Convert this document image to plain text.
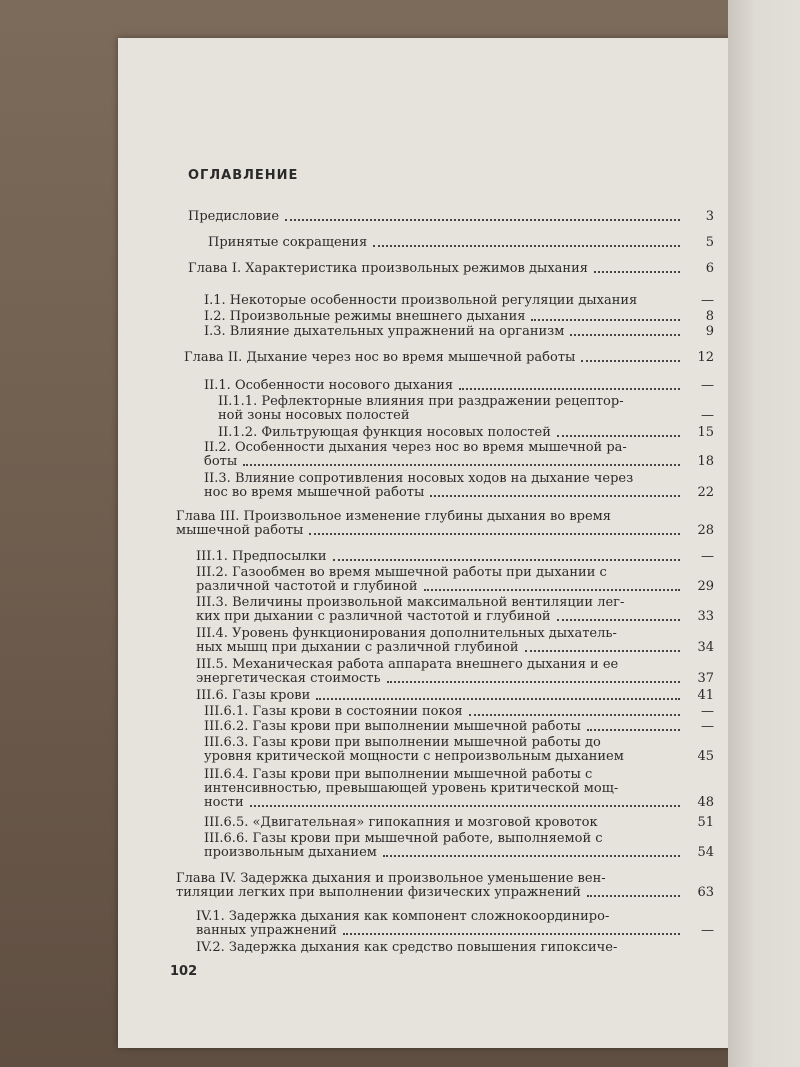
ОГЛАВЛЕНИЕ
Предисловие	3
Принятые сокращения	5
Глава I. Характеристика произвольных режимов дыхания	6
I.1. Некоторые особенности произвольной регуляции дыхания	—
I.2. Произвольные режимы внешнего дыхания	8
I.3. Влияние дыхательных упражнений на организм	9
Глава II. Дыхание через нос во время мышечной работы	12
II.1. Особенности носового дыхания	—
II.1.1. Рефлекторные влияния при раздражении рецептор-
ной зоны носовых полостей	—
II.1.2. Фильтрующая функция носовых полостей	15
II.2. Особенности дыхания через нос во время мышечной ра-
боты	18
II.3. Влияние сопротивления носовых ходов на дыхание через
нос во время мышечной работы	22
Глава III. Произвольное изменение глубины дыхания во время
мышечной работы	28
III.1. Предпосылки	—
III.2. Газообмен во время мышечной работы при дыхании с
различной частотой и глубиной	29
III.3. Величины произвольной максимальной вентиляции лег-
ких при дыхании с различной частотой и глубиной	33
III.4. Уровень функционирования дополнительных дыхатель-
ных мышц при дыхании с различной глубиной	34
III.5. Механическая работа аппарата внешнего дыхания и ее
энергетическая стоимость	37
III.6. Газы крови	41
III.6.1. Газы крови в состоянии покоя	—
III.6.2. Газы крови при выполнении мышечной работы	—
III.6.3. Газы крови при выполнении мышечной работы до
уровня критической мощности с непроизвольным дыханием	45
III.6.4. Газы крови при выполнении мышечной работы с
интенсивностью, превышающей уровень критической мощ-
ности	48
III.6.5. «Двигательная» гипокапния и мозговой кровоток	51
III.6.6. Газы крови при мышечной работе, выполняемой с
произвольным дыханием	54
Глава IV. Задержка дыхания и произвольное уменьшение вен-
тиляции легких при выполнении физических упражнений	63
IV.1. Задержка дыхания как компонент сложнокоординиро-
ванных упражнений	—
IV.2. Задержка дыхания как средство повышения гипоксиче-
102
